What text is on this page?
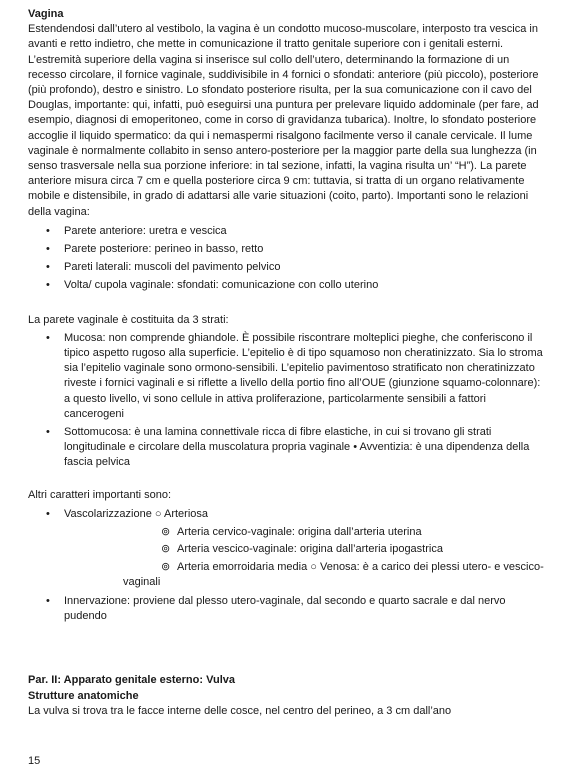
Vagina

Estendendosi dall’utero al vestibolo, la vagina è un condotto mucoso-muscolare, interposto tra vescica in avanti e retto indietro, che mette in comunicazione il tratto genitale superiore con i genitali esterni. L’estremità superiore della vagina si inserisce sul collo dell’utero, determinando la formazione di un recesso circolare, il fornice vaginale, suddivisibile in 4 fornici o sfondati: anteriore (più piccolo), posteriore (più profondo), destro e sinistro. Lo sfondato posteriore risulta, per la sua comunicazione con il cavo del Douglas, importante: qui, infatti, può eseguirsi una puntura per prelevare liquido addominale (per fare, ad esempio, diagnosi di emoperitoneo, come in corso di gravidanza tubarica). Inoltre, lo sfondato posteriore accoglie il liquido spermatico: da qui i nemaspermi risalgono facilmente verso il canale cervicale. Il lume vaginale è normalmente collabito in senso antero-posteriore per la maggior parte della sua lunghezza (in senso trasversale nella sua porzione inferiore: in tal sezione, infatti, la vagina risulta un’ “H”). La parete anteriore misura circa 7 cm e quella posteriore circa 9 cm: tuttavia, si tratta di un organo relativamente mobile e distensibile, in grado di adattarsi alle varie situazioni (coito, parto). Importanti sono le relazioni della vagina:

• Parete anteriore: uretra e vescica
• Parete posteriore: perineo in basso, retto
• Pareti laterali: muscoli del pavimento pelvico
• Volta/ cupola vaginale: sfondati: comunicazione con collo uterino

La parete vaginale è costituita da 3 strati:

• Mucosa: non comprende ghiandole. È possibile riscontrare molteplici pieghe, che conferiscono il tipico aspetto rugoso alla superficie. L’epitelio è di tipo squamoso non cheratinizzato. Sia lo stroma sia l’epitelio vaginale sono ormono-sensibili. L’epitelio pavimentoso stratificato non cheratinizzato riveste i fornici vaginali e si riflette a livello della portio fino all’OUE (giunzione squamo-colonnare): a questo livello, vi sono cellule in attiva proliferazione, particolarmente sensibili a fattori cancerogeni
• Sottomucosa: è una lamina connettivale ricca di fibre elastiche, in cui si trovano gli strati longitudinale e circolare della muscolatura propria vaginale • Avventizia: è una dipendenza della fascia pelvica

Altri caratteri importanti sono:

• Vascolarizzazione ○ Arteriosa
⊚ Arteria cervico-vaginale: origina dall’arteria uterina
⊚ Arteria vescico-vaginale: origina dall’arteria ipogastrica
⊚ Arteria emorroidaria media ○ Venosa: è a carico dei plessi utero- e vescico-
vaginali
• Innervazione: proviene dal plesso utero-vaginale, dal secondo e quarto sacrale e dal nervo pudendo

Par. II: Apparato genitale esterno: Vulva

Strutture anatomiche

La vulva si trova tra le facce interne delle cosce, nel centro del perineo, a 3 cm dall’ano

15
